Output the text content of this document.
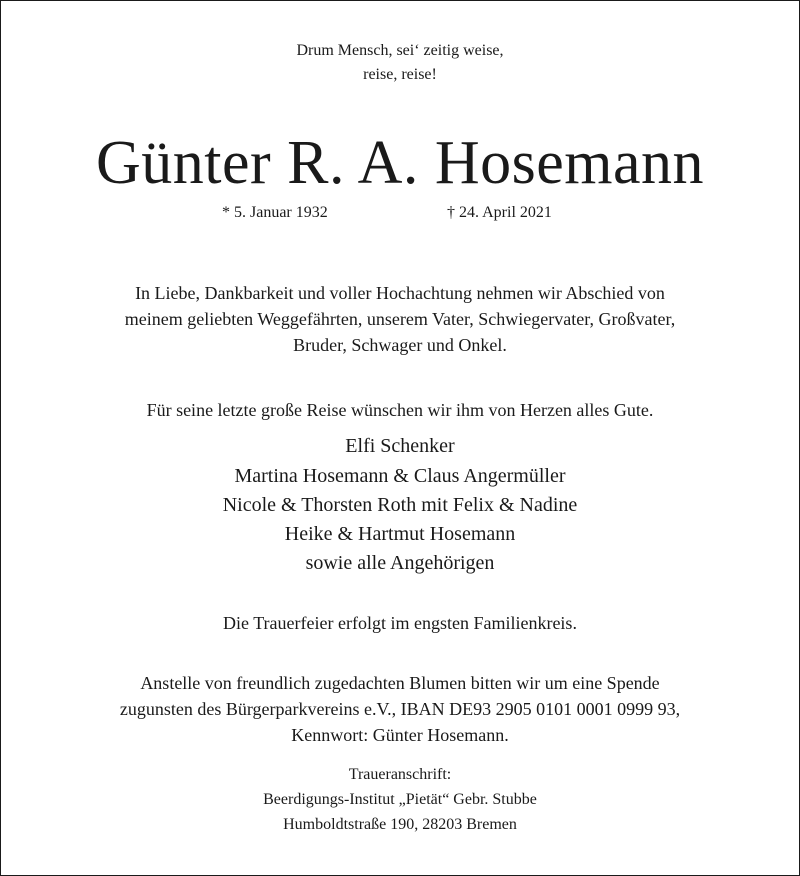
Drum Mensch, sei‘ zeitig weise,
reise, reise!
Günter R. A. Hosemann
* 5. Januar 1932	† 24. April 2021
In Liebe, Dankbarkeit und voller Hochachtung nehmen wir Abschied von
meinem geliebten Weggefährten, unserem Vater, Schwiegervater, Großvater,
Bruder, Schwager und Onkel.
Für seine letzte große Reise wünschen wir ihm von Herzen alles Gute.
Elfi Schenker
Martina Hosemann & Claus Angermüller
Nicole & Thorsten Roth mit Felix & Nadine
Heike & Hartmut Hosemann
sowie alle Angehörigen
Die Trauerfeier erfolgt im engsten Familienkreis.
Anstelle von freundlich zugedachten Blumen bitten wir um eine Spende
zugunsten des Bürgerparkvereins e.V., IBAN DE93 2905 0101 0001 0999 93,
Kennwort: Günter Hosemann.
Traueranschrift:
Beerdigungs-Institut „Pietät“ Gebr. Stubbe
Humboldtstraße 190, 28203 Bremen
